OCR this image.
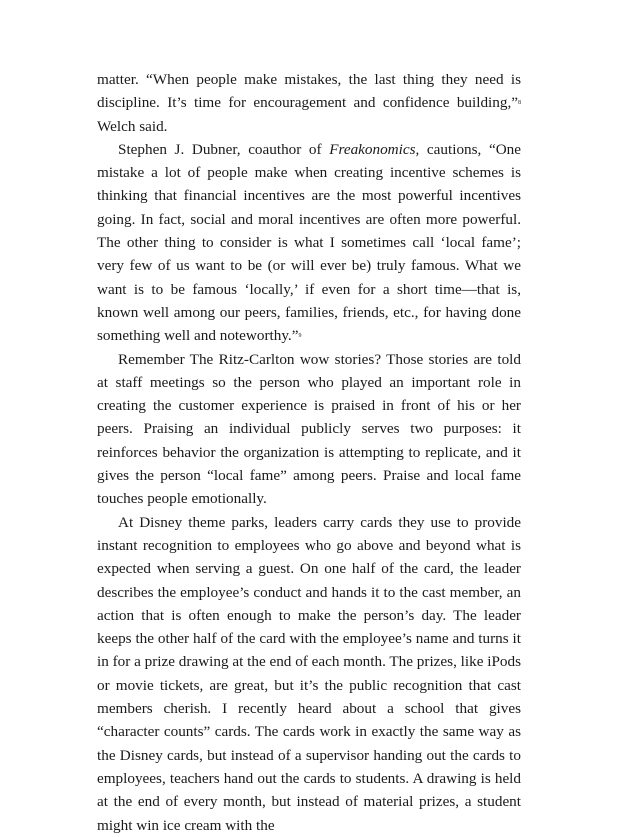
matter. “When people make mistakes, the last thing they need is discipline. It’s time for encouragement and confidence building,”$^8$ Welch said.

Stephen J. Dubner, coauthor of Freakonomics, cautions, “One mistake a lot of people make when creating incentive schemes is thinking that financial incentives are the most powerful incentives going. In fact, social and moral incentives are often more powerful. The other thing to consider is what I sometimes call ‘local fame’; very few of us want to be (or will ever be) truly famous. What we want is to be famous ‘locally,’ if even for a short time—that is, known well among our peers, families, friends, etc., for having done something well and noteworthy.”$^9$

Remember The Ritz-Carlton wow stories? Those stories are told at staff meetings so the person who played an important role in creating the customer experience is praised in front of his or her peers. Praising an individual publicly serves two purposes: it reinforces behavior the organization is attempting to replicate, and it gives the person “local fame” among peers. Praise and local fame touches people emotionally.

At Disney theme parks, leaders carry cards they use to provide instant recognition to employees who go above and beyond what is expected when serving a guest. On one half of the card, the leader describes the employee’s conduct and hands it to the cast member, an action that is often enough to make the person’s day. The leader keeps the other half of the card with the employee’s name and turns it in for a prize drawing at the end of each month. The prizes, like iPods or movie tickets, are great, but it’s the public recognition that cast members cherish. I recently heard about a school that gives “character counts” cards. The cards work in exactly the same way as the Disney cards, but instead of a supervisor handing out the cards to employees, teachers hand out the cards to students. A drawing is held at the end of every month, but instead of material prizes, a student might win ice cream with the
